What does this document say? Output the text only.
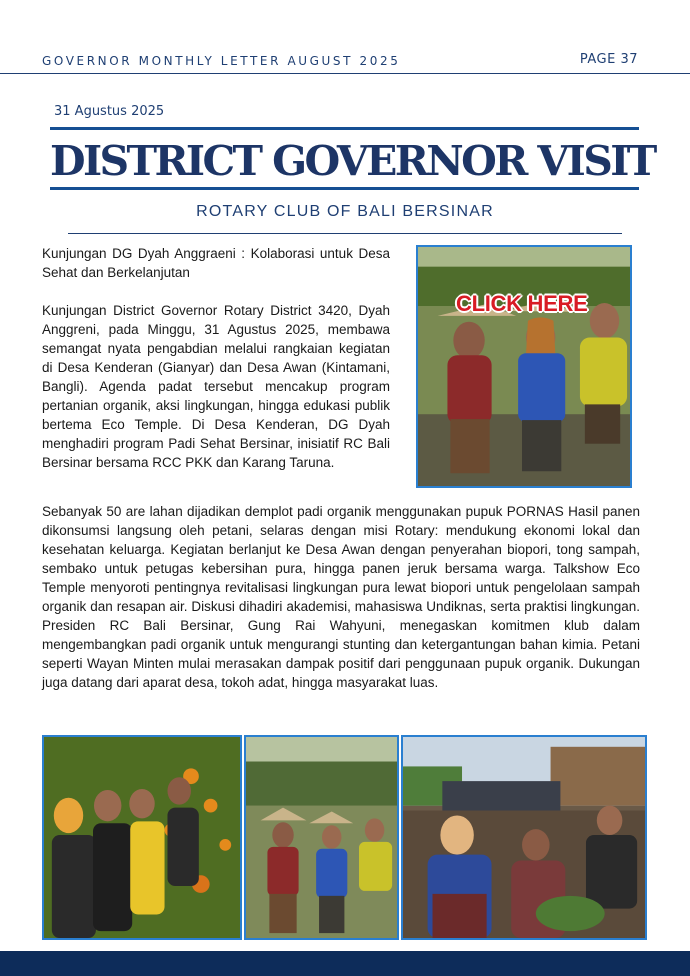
GOVERNOR MONTHLY LETTER AUGUST 2025	PAGE 37
31 Agustus 2025
DISTRICT GOVERNOR VISIT
ROTARY CLUB OF BALI BERSINAR

Kunjungan DG Dyah Anggraeni : Kolaborasi untuk Desa Sehat dan Berkelanjutan

Kunjungan District Governor Rotary District 3420, Dyah Anggreni, pada Minggu, 31 Agustus 2025, membawa semangat nyata pengabdian melalui rangkaian kegiatan di Desa Kenderan (Gianyar) dan Desa Awan (Kintamani, Bangli). Agenda padat tersebut mencakup program pertanian organik, aksi lingkungan, hingga edukasi publik bertema Eco Temple. Di Desa Kenderan, DG Dyah menghadiri program Padi Sehat Bersinar, inisiatif RC Bali Bersinar bersama RCC PKK dan Karang Taruna.

CLICK HERE
Sebanyak 50 are lahan dijadikan demplot padi organik menggunakan pupuk PORNAS Hasil panen dikonsumsi langsung oleh petani, selaras dengan misi Rotary: mendukung ekonomi lokal dan kesehatan keluarga. Kegiatan berlanjut ke Desa Awan dengan penyerahan biopori, tong sampah, sembako untuk petugas kebersihan pura, hingga panen jeruk bersama warga. Talkshow Eco Temple menyoroti pentingnya revitalisasi lingkungan pura lewat biopori untuk pengelolaan sampah organik dan resapan air. Diskusi dihadiri akademisi, mahasiswa Undiknas, serta praktisi lingkungan. Presiden RC Bali Bersinar, Gung Rai Wahyuni, menegaskan komitmen klub dalam mengembangkan padi organik untuk mengurangi stunting dan ketergantungan bahan kimia. Petani seperti Wayan Minten mulai merasakan dampak positif dari penggunaan pupuk organik. Dukungan juga datang dari aparat desa, tokoh adat, hingga masyarakat luas.
